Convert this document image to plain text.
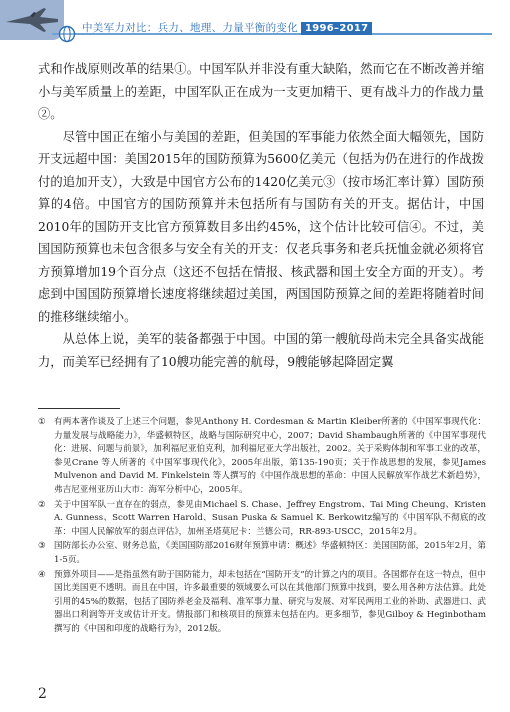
中美军力对比：兵力、地理、力量平衡的变化 1996–2017

式和作战原则改革的结果①。中国军队并非没有重大缺陷，然而它在不断改善并缩小与美军质量上的差距，中国军队正在成为一支更加精干、更有战斗力的作战力量②。

尽管中国正在缩小与美国的差距，但美国的军事能力依然全面大幅领先，国防开支远超中国：美国2015年的国防预算为5600亿美元（包括为仍在进行的作战拨付的追加开支），大致是中国官方公布的1420亿美元③（按市场汇率计算）国防预算的4倍。中国官方的国防预算并未包括所有与国防有关的开支。据估计，中国2010年的国防开支比官方预算数目多出约45%，这个估计比较可信④。不过，美国国防预算也未包含很多与安全有关的开支：仅老兵事务和老兵抚恤金就必须将官方预算增加19个百分点（这还不包括在情报、核武器和国土安全方面的开支）。考虑到中国国防预算增长速度将继续超过美国，两国国防预算之间的差距将随着时间的推移继续缩小。

从总体上说，美军的装备都强于中国。中国的第一艘航母尚未完全具备实战能力，而美军已经拥有了10艘功能完善的航母，9艘能够起降固定翼

① 有两本著作谈及了上述三个问题，参见Anthony H. Cordesman & Martin Kleiber所著的《中国军事现代化：力量发展与战略能力》，华盛顿特区，战略与国际研究中心，2007；David Shambaugh所著的《中国军事现代化：进展、问题与前景》，加利福尼亚伯克利，加利福尼亚大学出版社，2002。关于采购体制和军事工业的改革，参见Crane 等人所著的《中国军事现代化》，2005年出版，第135-190页；关于作战思想的发展，参见James Mulvenon and David M. Finkelstein 等人撰写的《中国作战思想的革命：中国人民解放军作战艺术新趋势》，弗吉尼亚州亚历山大市：海军分析中心，2005年。
② 关于中国军队一直存在的弱点，参见由Michael S. Chase、Jeffrey Engstrom、Tai Ming Cheung、Kristen A. Gunness、Scott Warren Harold、Susan Puska & Samuel K. Berkowitz编写的《中国军队不彻底的改革：中国人民解放军的弱点评估》，加州圣塔莫尼卡：兰德公司，RR-893-USCC，2015年2月。
③ 国防部长办公室、财务总监，《美国国防部2016财年预算申请：概述》华盛顿特区：美国国防部，2015年2月，第1-5页。
④ 预算外项目——是指虽然有助于国防能力，却未包括在“国防开支”的计算之内的项目。各国都存在这一特点，但中国比美国更不透明。而且在中国，许多最重要的领域要么可以在其他部门预算中找到，要么用各种方法估算。此处引用的45%的数据，包括了国防养老金及福利、准军事力量、研究与发展、对军民两用工业的补助、武器进口、武器出口利润等开支或估计开支。情报部门和核项目的预算未包括在内。更多细节，参见Gilboy & Heginbotham撰写的《中国和印度的战略行为》，2012版。
2
